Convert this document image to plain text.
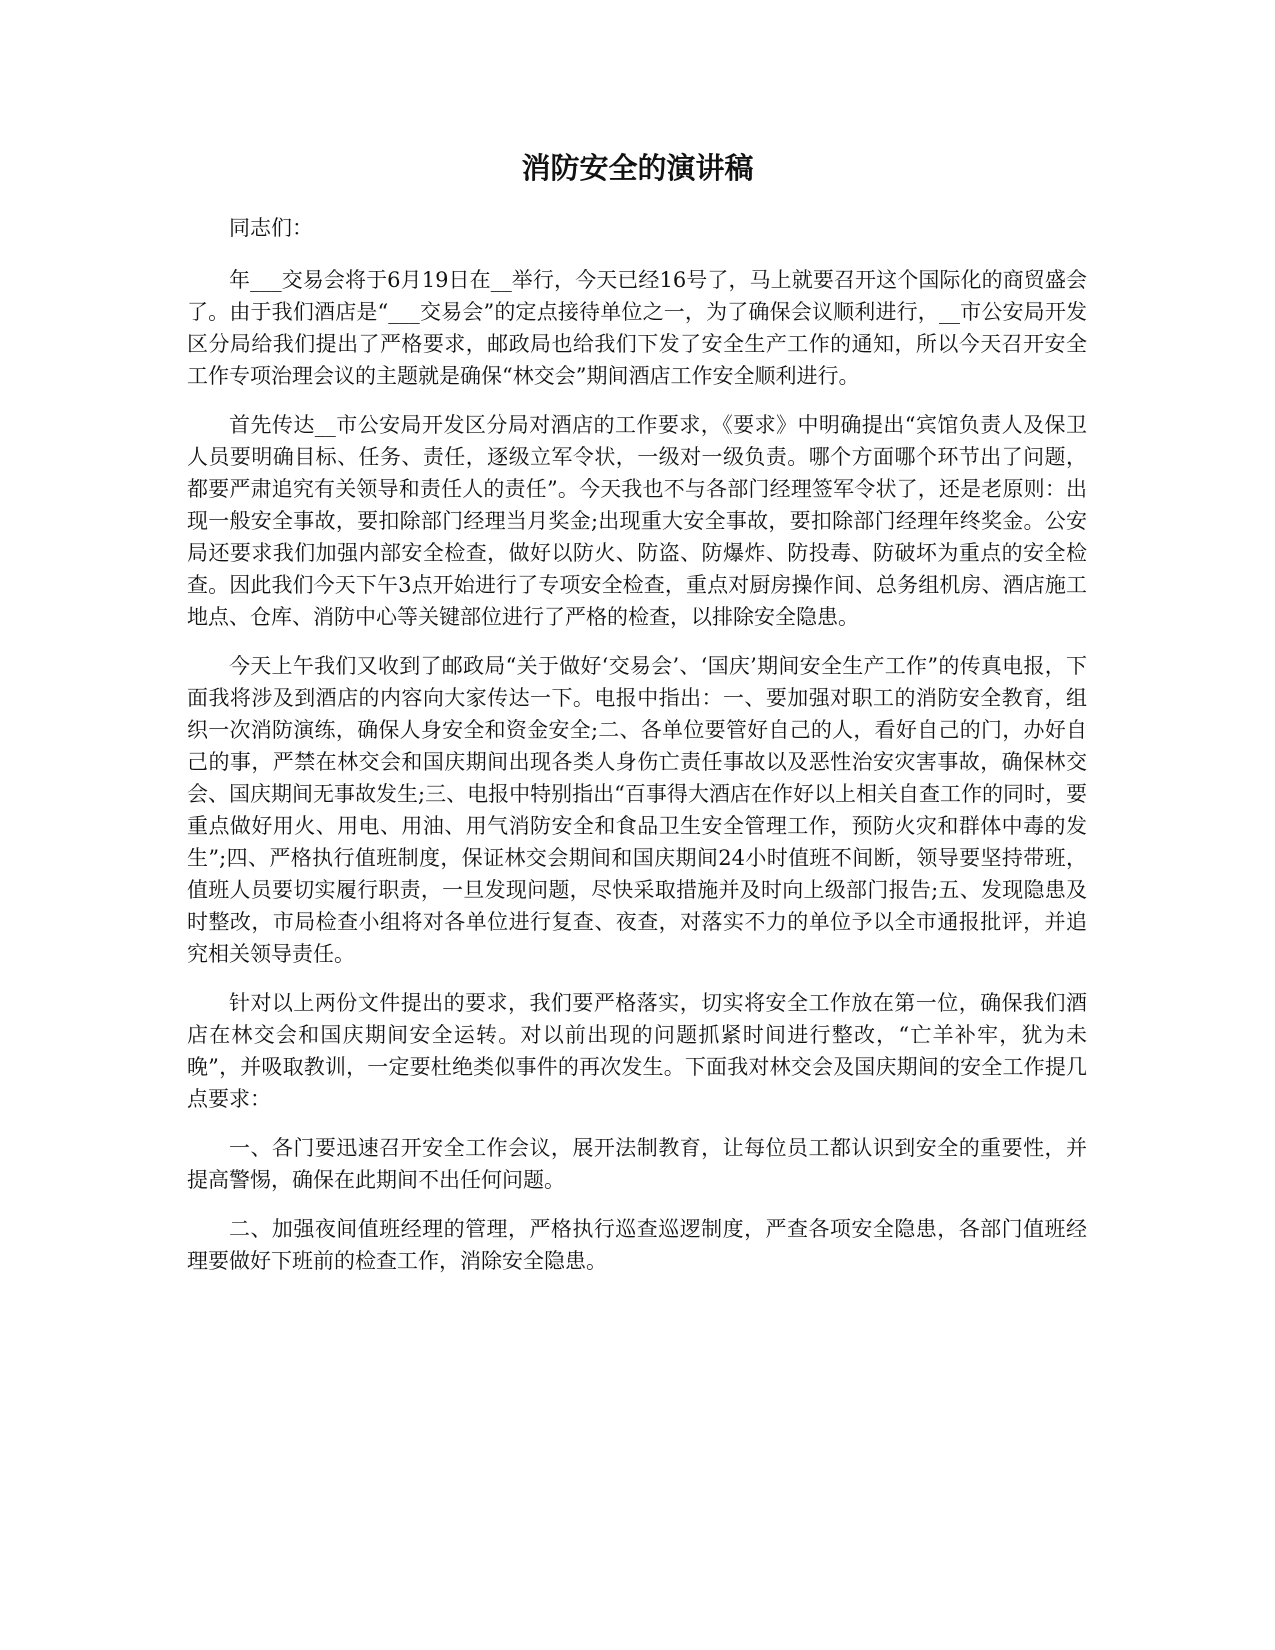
消防安全的演讲稿

同志们：

年___交易会将于6月19日在__举行，今天已经16号了，马上就要召开这个国际化的商贸盛会了。由于我们酒店是“___交易会”的定点接待单位之一，为了确保会议顺利进行，__市公安局开发区分局给我们提出了严格要求，邮政局也给我们下发了安全生产工作的通知，所以今天召开安全工作专项治理会议的主题就是确保“林交会”期间酒店工作安全顺利进行。

首先传达__市公安局开发区分局对酒店的工作要求，《要求》中明确提出“宾馆负责人及保卫人员要明确目标、任务、责任，逐级立军令状，一级对一级负责。哪个方面哪个环节出了问题，都要严肃追究有关领导和责任人的责任”。今天我也不与各部门经理签军令状了，还是老原则：出现一般安全事故，要扣除部门经理当月奖金;出现重大安全事故，要扣除部门经理年终奖金。公安局还要求我们加强内部安全检查，做好以防火、防盗、防爆炸、防投毒、防破坏为重点的安全检查。因此我们今天下午3点开始进行了专项安全检查，重点对厨房操作间、总务组机房、酒店施工地点、仓库、消防中心等关键部位进行了严格的检查，以排除安全隐患。

今天上午我们又收到了邮政局“关于做好‘交易会’、‘国庆’期间安全生产工作”的传真电报，下面我将涉及到酒店的内容向大家传达一下。电报中指出：一、要加强对职工的消防安全教育，组织一次消防演练，确保人身安全和资金安全;二、各单位要管好自己的人，看好自己的门，办好自己的事，严禁在林交会和国庆期间出现各类人身伤亡责任事故以及恶性治安灾害事故，确保林交会、国庆期间无事故发生;三、电报中特别指出“百事得大酒店在作好以上相关自查工作的同时，要重点做好用火、用电、用油、用气消防安全和食品卫生安全管理工作，预防火灾和群体中毒的发生”;四、严格执行值班制度，保证林交会期间和国庆期间24小时值班不间断，领导要坚持带班，值班人员要切实履行职责，一旦发现问题，尽快采取措施并及时向上级部门报告;五、发现隐患及时整改，市局检查小组将对各单位进行复查、夜查，对落实不力的单位予以全市通报批评，并追究相关领导责任。

针对以上两份文件提出的要求，我们要严格落实，切实将安全工作放在第一位，确保我们酒店在林交会和国庆期间安全运转。对以前出现的问题抓紧时间进行整改，“亡羊补牢，犹为未晚”，并吸取教训，一定要杜绝类似事件的再次发生。下面我对林交会及国庆期间的安全工作提几点要求：

一、各门要迅速召开安全工作会议，展开法制教育，让每位员工都认识到安全的重要性，并提高警惕，确保在此期间不出任何问题。

二、加强夜间值班经理的管理，严格执行巡查巡逻制度，严查各项安全隐患，各部门值班经理要做好下班前的检查工作，消除安全隐患。
